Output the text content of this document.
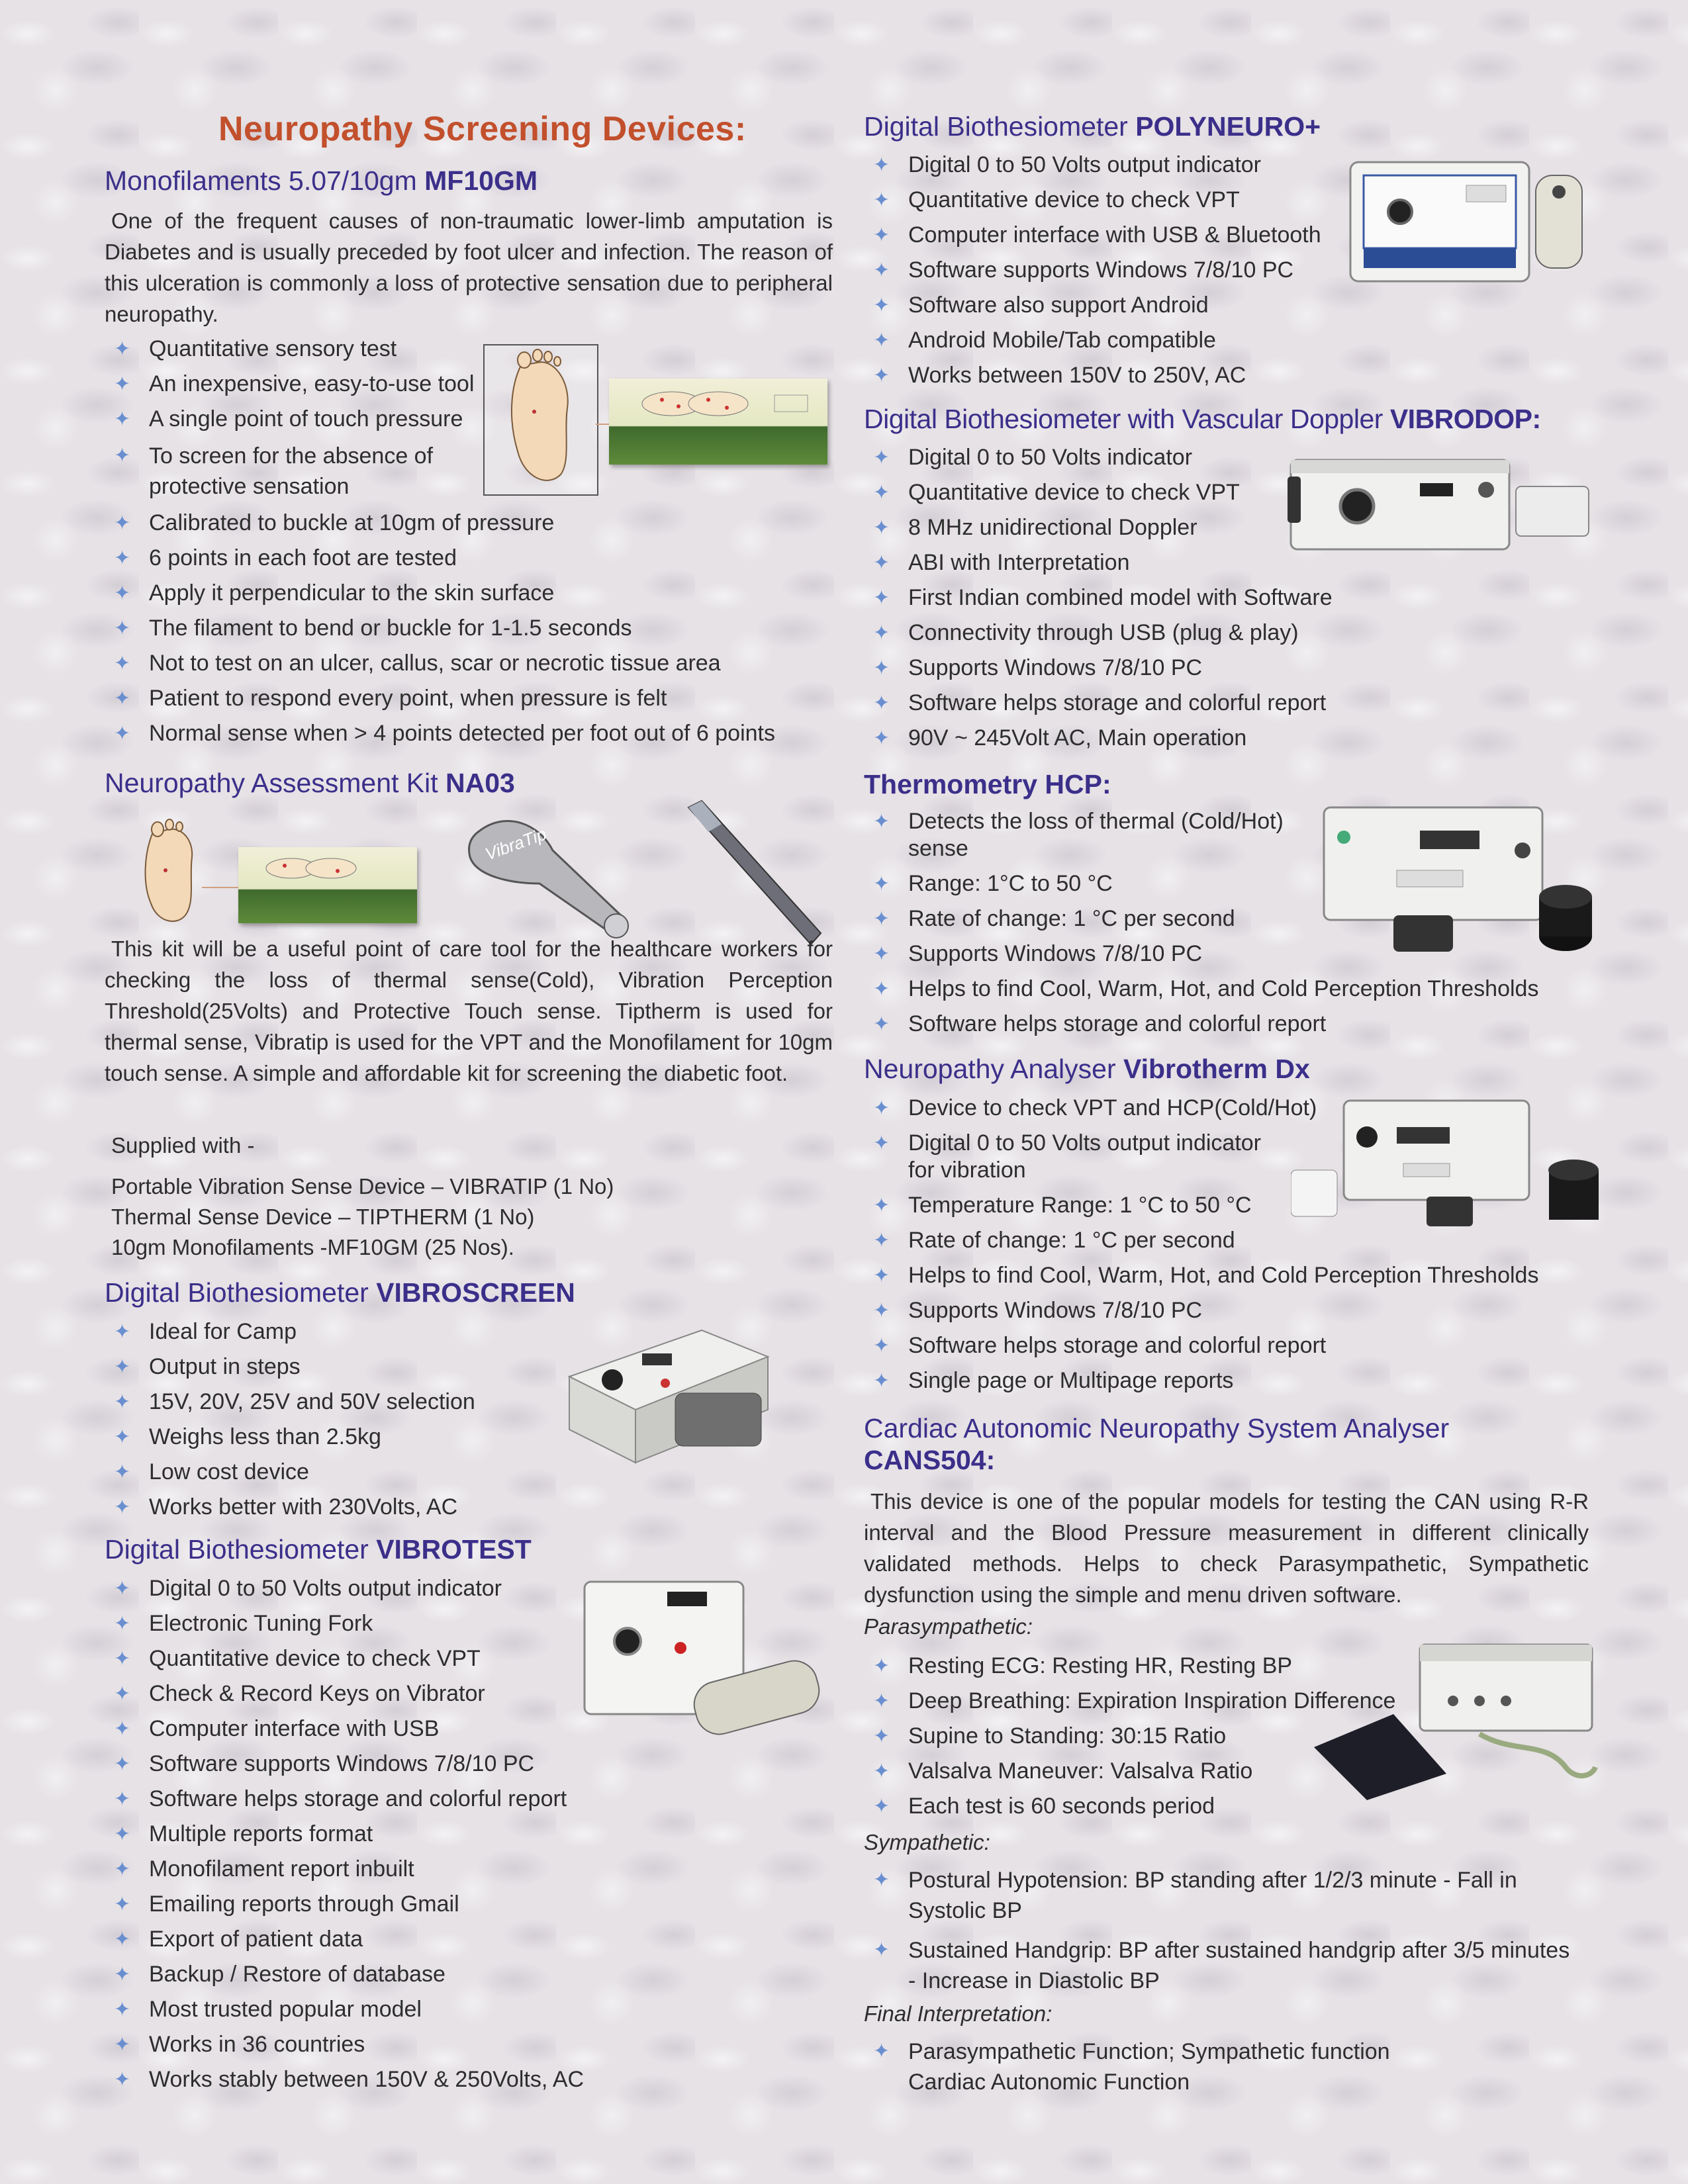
Neuropathy Screening Devices:
Monofilaments 5.07/10gm MF10GM
One of the frequent causes of non-traumatic lower-limb amputation is Diabetes and is usually preceded by foot ulcer and infection. The reason of this ulceration is commonly a loss of protective sensation due to peripheral neuropathy.
✦ Quantitative sensory test
✦ An inexpensive, easy-to-use tool
✦ A single point of touch pressure
✦ To screen for the absence of protective sensation
✦ Calibrated to buckle at 10gm of pressure
✦ 6 points in each foot are tested
✦ Apply it perpendicular to the skin surface
✦ The filament to bend or buckle for 1-1.5 seconds
✦ Not to test on an ulcer, callus, scar or necrotic tissue area
✦ Patient to respond every point, when pressure is felt
✦ Normal sense when > 4 points detected per foot out of 6 points
Neuropathy Assessment Kit NA03
VibraTip
This kit will be a useful point of care tool for the healthcare workers for checking the loss of thermal sense(Cold), Vibration Perception Threshold(25Volts) and Protective Touch sense. Tiptherm is used for thermal sense, Vibratip is used for the VPT and the Monofilament for 10gm touch sense. A simple and affordable kit for screening the diabetic foot.
Supplied with -
Portable Vibration Sense Device – VIBRATIP (1 No)
Thermal Sense Device – TIPTHERM (1 No)
10gm Monofilaments -MF10GM (25 Nos).
Digital Biothesiometer VIBROSCREEN
✦ Ideal for Camp
✦ Output in steps
✦ 15V, 20V, 25V and 50V selection
✦ Weighs less than 2.5kg
✦ Low cost device
✦ Works better with 230Volts, AC
Digital Biothesiometer VIBROTEST
✦ Digital 0 to 50 Volts output indicator
✦ Electronic Tuning Fork
✦ Quantitative device to check VPT
✦ Check & Record Keys on Vibrator
✦ Computer interface with USB
✦ Software supports Windows 7/8/10 PC
✦ Software helps storage and colorful report
✦ Multiple reports format
✦ Monofilament report inbuilt
✦ Emailing reports through Gmail
✦ Export of patient data
✦ Backup / Restore of database
✦ Most trusted popular model
✦ Works in 36 countries
✦ Works stably between 150V & 250Volts, AC
Digital Biothesiometer POLYNEURO+
✦ Digital 0 to 50 Volts output indicator
✦ Quantitative device to check VPT
✦ Computer interface with USB & Bluetooth
✦ Software supports Windows 7/8/10 PC
✦ Software also support Android
✦ Android Mobile/Tab compatible
✦ Works between 150V to 250V, AC
Digital Biothesiometer with Vascular Doppler VIBRODOP:
✦ Digital 0 to 50 Volts indicator
✦ Quantitative device to check VPT
✦ 8 MHz unidirectional Doppler
✦ ABI with Interpretation
✦ First Indian combined model with Software
✦ Connectivity through USB (plug & play)
✦ Supports Windows 7/8/10 PC
✦ Software helps storage and colorful report
✦ 90V ~ 245Volt AC, Main operation
Thermometry HCP:
✦ Detects the loss of thermal (Cold/Hot) sense
✦ Range: 1°C to 50 °C
✦ Rate of change: 1 °C per second
✦ Supports Windows 7/8/10 PC
✦ Helps to find Cool, Warm, Hot, and Cold Perception Thresholds
✦ Software helps storage and colorful report
Neuropathy Analyser Vibrotherm Dx
✦ Device to check VPT and HCP(Cold/Hot)
✦ Digital 0 to 50 Volts output indicator for vibration
✦ Temperature Range: 1 °C to 50 °C
✦ Rate of change: 1 °C per second
✦ Helps to find Cool, Warm, Hot, and Cold Perception Thresholds
✦ Supports Windows 7/8/10 PC
✦ Software helps storage and colorful report
✦ Single page or Multipage reports
Cardiac Autonomic Neuropathy System Analyser
CANS504:
This device is one of the popular models for testing the CAN using R-R interval and the Blood Pressure measurement in different clinically validated methods. Helps to check Parasympathetic, Sympathetic dysfunction using the simple and menu driven software.
Parasympathetic:
✦ Resting ECG: Resting HR, Resting BP
✦ Deep Breathing: Expiration Inspiration Difference
✦ Supine to Standing: 30:15 Ratio
✦ Valsalva Maneuver: Valsalva Ratio
✦ Each test is 60 seconds period
Sympathetic:
✦ Postural Hypotension: BP standing after 1/2/3 minute - Fall in Systolic BP
✦ Sustained Handgrip: BP after sustained handgrip after 3/5 minutes - Increase in Diastolic BP
Final Interpretation:
✦ Parasympathetic Function; Sympathetic function Cardiac Autonomic Function
